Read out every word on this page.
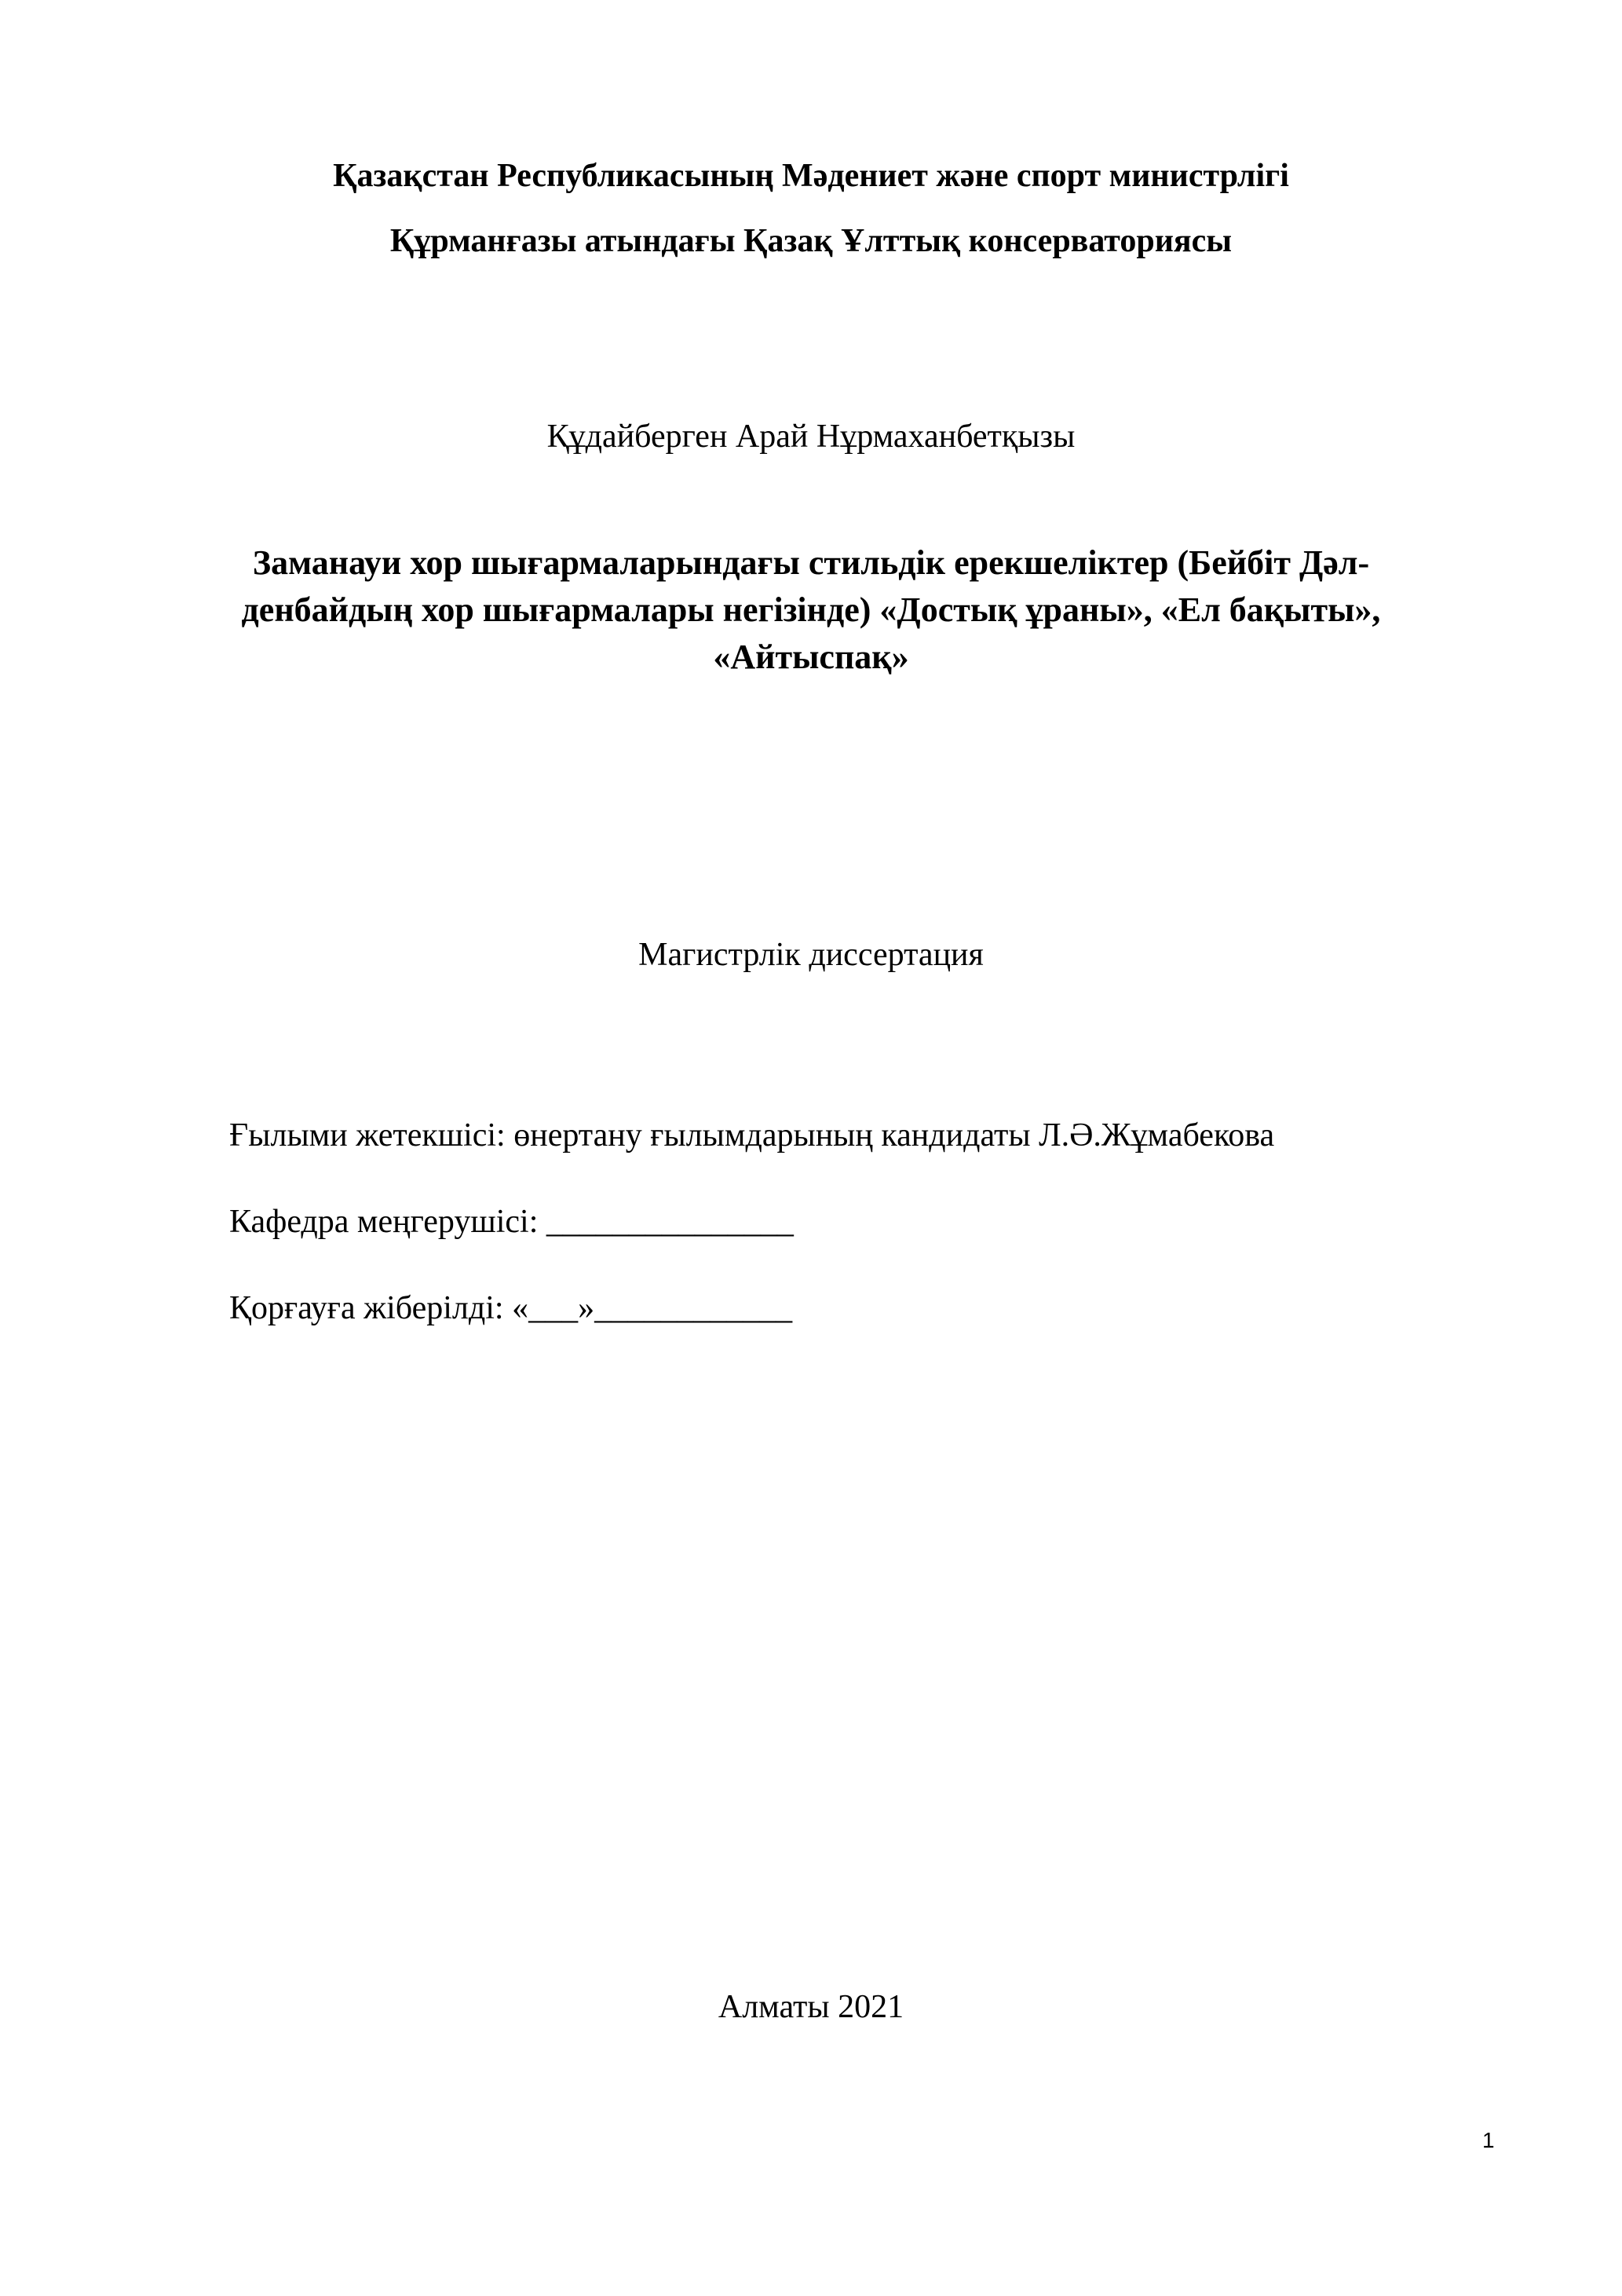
Қазақстан Республикасының Мәдениет және спорт министрлігі
Құрманғазы атындағы Қазақ Ұлттық консерваториясы
Құдайберген Арай Нұрмаханбетқызы
Заманауи хор шығармаларындағы стильдік ерекшеліктер (Бейбіт Дәл-
денбайдың хор шығармалары негізінде) «Достық ұраны», «Ел бақыты»,
«Айтыспақ»
Магистрлік диссертация
Ғылыми жетекшісі: өнертану ғылымдарының кандидаты Л.Ә.Жұмабекова
Кафедра меңгерушісі: _______________
Қорғауға жіберілді: «___»____________
Алматы 2021
1
